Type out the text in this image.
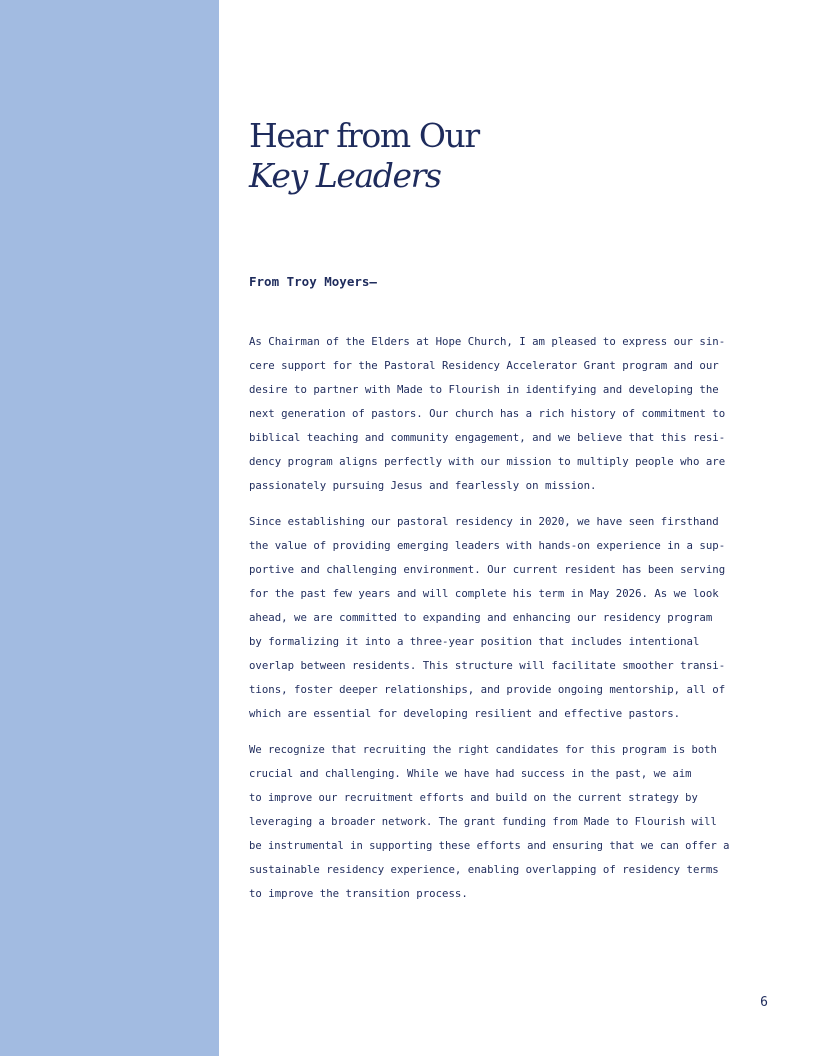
Hear from Our
Key Leaders

From Troy Moyers—

As Chairman of the Elders at Hope Church, I am pleased to express our sin-
cere support for the Pastoral Residency Accelerator Grant program and our
desire to partner with Made to Flourish in identifying and developing the
next generation of pastors. Our church has a rich history of commitment to
biblical teaching and community engagement, and we believe that this resi-
dency program aligns perfectly with our mission to multiply people who are
passionately pursuing Jesus and fearlessly on mission.
Since establishing our pastoral residency in 2020, we have seen firsthand
the value of providing emerging leaders with hands-on experience in a sup-
portive and challenging environment. Our current resident has been serving
for the past few years and will complete his term in May 2026. As we look
ahead, we are committed to expanding and enhancing our residency program
by formalizing it into a three-year position that includes intentional
overlap between residents. This structure will facilitate smoother transi-
tions, foster deeper relationships, and provide ongoing mentorship, all of
which are essential for developing resilient and effective pastors.
We recognize that recruiting the right candidates for this program is both
crucial and challenging. While we have had success in the past, we aim
to improve our recruitment efforts and build on the current strategy by
leveraging a broader network. The grant funding from Made to Flourish will
be instrumental in supporting these efforts and ensuring that we can offer a
sustainable residency experience, enabling overlapping of residency terms
to improve the transition process.

6
